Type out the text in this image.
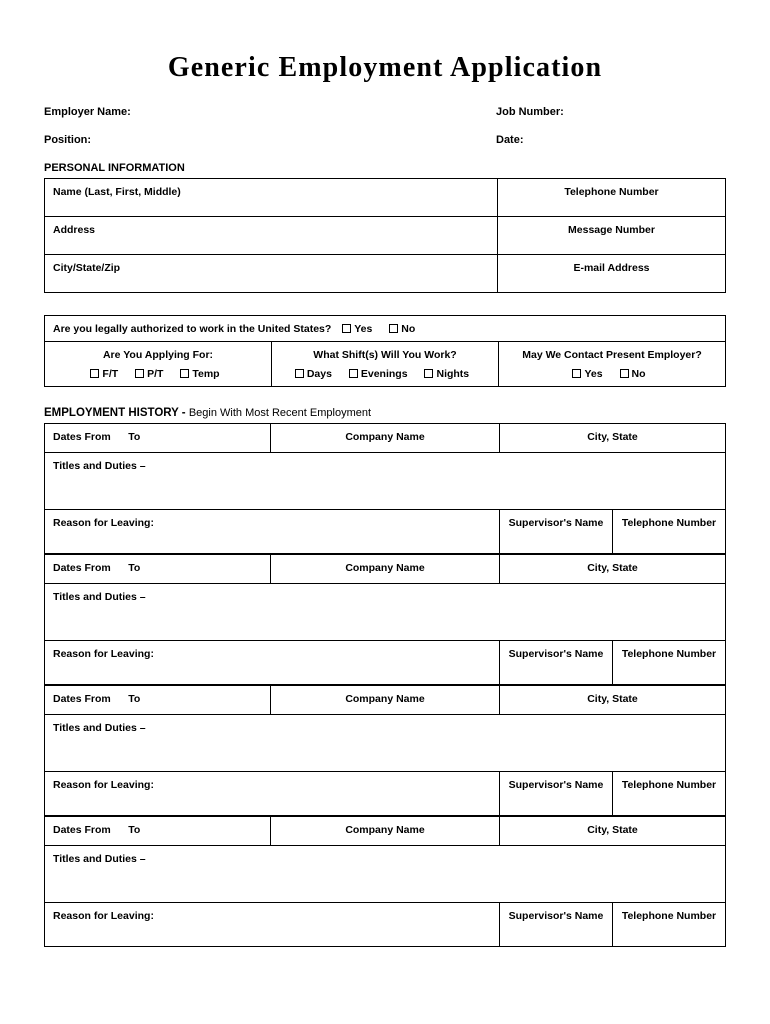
Generic Employment Application
Employer Name:	Job Number:
Position:	Date:
PERSONAL INFORMATION
Name (Last, First, Middle)	Telephone Number
Address	Message Number
City/State/Zip	E-mail Address
Are you legally authorized to work in the United States? Yes	No

Are You Applying For:
F/T	P/T	Temp

What Shift(s) Will You Work?
Days	Evenings	Nights

May We Contact Present Employer?
Yes	No
EMPLOYMENT HISTORY - Begin With Most Recent Employment
Dates From To	Company Name	City, State	
Titles and Duties –			
Reason for Leaving:		Supervisor's Name	Telephone Number
Dates From To	Company Name	City, State	
Titles and Duties –			
Reason for Leaving:		Supervisor's Name	Telephone Number
Dates From To	Company Name	City, State	
Titles and Duties –			
Reason for Leaving:		Supervisor's Name	Telephone Number
Dates From To	Company Name	City, State	
Titles and Duties –			
Reason for Leaving:		Supervisor's Name	Telephone Number
